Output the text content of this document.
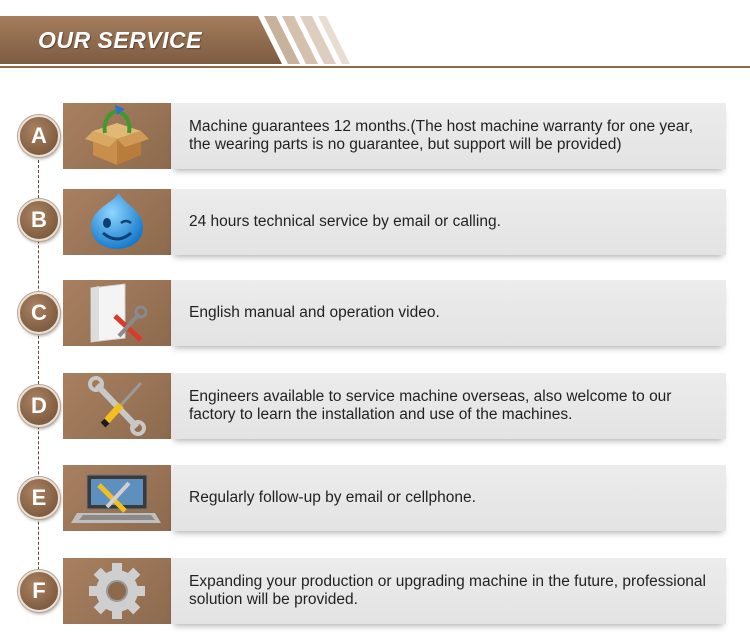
OUR SERVICE
A	Machine guarantees 12 months.(The host machine warranty for one year, the wearing parts is no guarantee, but support will be provided)
B	24 hours technical service by email or calling.
C	English manual and operation video.
D	Engineers available to service machine overseas, also welcome to our factory to learn the installation and use of the machines.
E	Regularly follow-up by email or cellphone.
F	Expanding your production or upgrading machine in the future, professional solution will be provided.
